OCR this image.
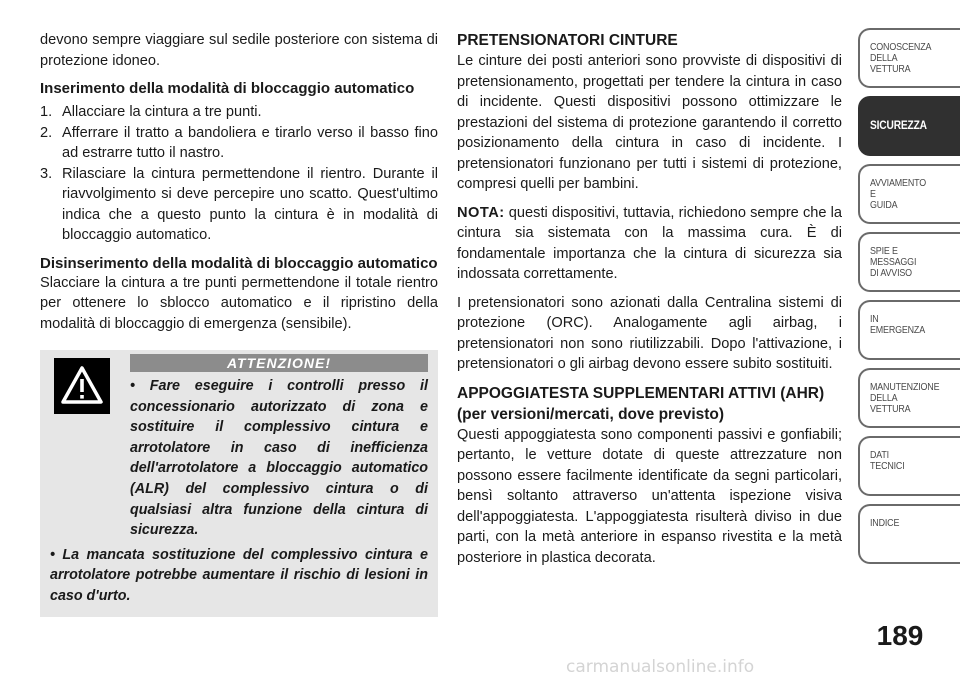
devono sempre viaggiare sul sedile posteriore con sistema di protezione idoneo.

Inserimento della modalità di bloccaggio automatico

1. Allacciare la cintura a tre punti.
2. Afferrare il tratto a bandoliera e tirarlo verso il basso fino ad estrarre tutto il nastro.
3. Rilasciare la cintura permettendone il rientro. Durante il riavvolgimento si deve percepire uno scatto. Quest'ultimo indica che a questo punto la cintura è in modalità di bloccaggio automatico.

Disinserimento della modalità di bloccaggio automatico

Slacciare la cintura a tre punti permettendone il totale rientro per ottenere lo sblocco automatico e il ripristino della modalità di bloccaggio di emergenza (sensibile).

ATTENZIONE!
• Fare eseguire i controlli presso il concessionario autorizzato di zona e sostituire il complessivo cintura e arrotolatore in caso di inefficienza dell'arrotolatore a bloccaggio automatico (ALR) del complessivo cintura o di qualsiasi altra funzione della cintura di sicurezza.
• La mancata sostituzione del complessivo cintura e arrotolatore potrebbe aumentare il rischio di lesioni in caso d'urto.

PRETENSIONATORI CINTURE

Le cinture dei posti anteriori sono provviste di dispositivi di pretensionamento, progettati per tendere la cintura in caso di incidente. Questi dispositivi possono ottimizzare le prestazioni del sistema di protezione garantendo il corretto posizionamento della cintura in caso di incidente. I pretensionatori funzionano per tutti i sistemi di protezione, compresi quelli per bambini.

NOTA: questi dispositivi, tuttavia, richiedono sempre che la cintura sia sistemata con la massima cura. È di fondamentale importanza che la cintura di sicurezza sia indossata correttamente.

I pretensionatori sono azionati dalla Centralina sistemi di protezione (ORC). Analogamente agli airbag, i pretensionatori non sono riutilizzabili. Dopo l'attivazione, i pretensionatori o gli airbag devono essere subito sostituiti.

APPOGGIATESTA SUPPLEMENTARI ATTIVI (AHR) (per versioni/mercati, dove previsto)

Questi appoggiatesta sono componenti passivi e gonfiabili; pertanto, le vetture dotate di queste attrezzature non possono essere facilmente identificate da segni particolari, bensì soltanto attraverso un'attenta ispezione visiva dell'appoggiatesta. L'appoggiatesta risulterà diviso in due parti, con la metà anteriore in espanso rivestita e la metà posteriore in plastica decorata.

CONOSCENZA
DELLA
VETTURA
SICUREZZA
AVVIAMENTO
E
GUIDA
SPIE E
MESSAGGI
DI AVVISO
IN
EMERGENZA
MANUTENZIONE
DELLA
VETTURA
DATI
TECNICI
INDICE
189
carmanualsonline.info
